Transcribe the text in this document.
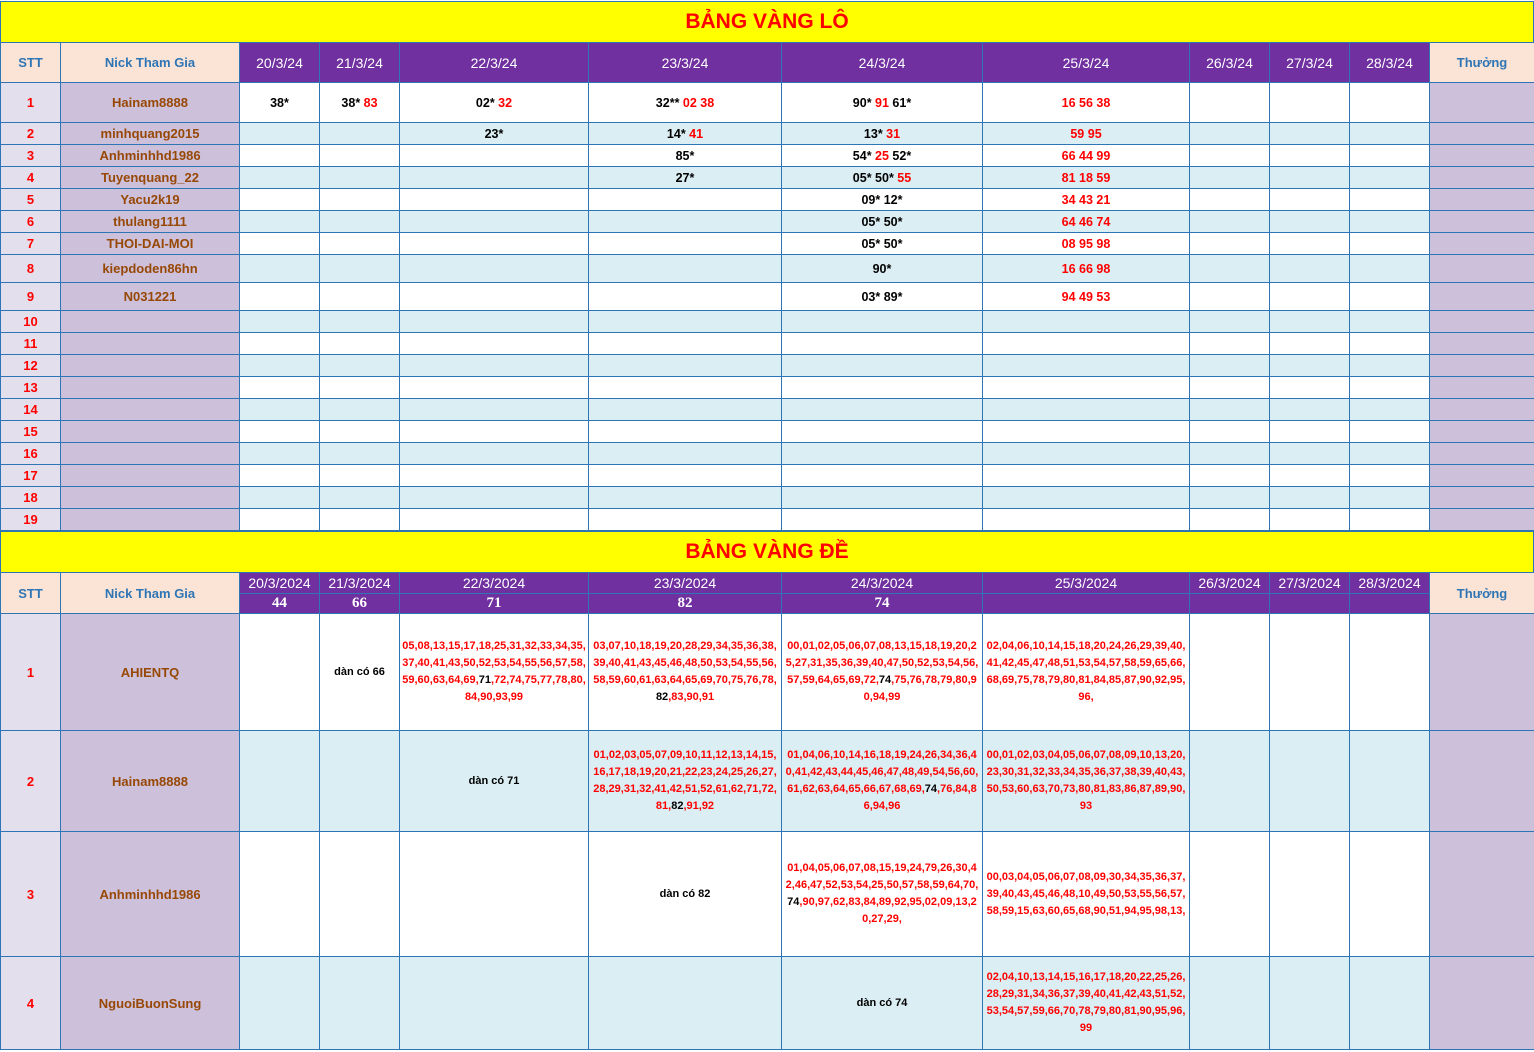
BẢNG VÀNG LÔ
STT	Nick Tham Gia	20/3/24	21/3/24	22/3/24	23/3/24	24/3/24	25/3/24	26/3/24	27/3/24	28/3/24	Thưởng
1	Hainam8888	38*	38* 83	02* 32	32** 02 38	90* 91 61*	16 56 38				
2	minhquang2015			23*	14* 41	13* 31	59 95				
3	Anhminhhd1986				85*	54* 25 52*	66 44 99				
4	Tuyenquang_22				27*	05* 50* 55	81 18 59				
5	Yacu2k19					09* 12*	34 43 21				
6	thulang1111					05* 50*	64 46 74				
7	THOI-DAI-MOI					05* 50*	08 95 98				
8	kiepdoden86hn					90*	16 66 98				
9	N031221					03* 89*	94 49 53				
10											
11											
12											
13											
14											
15											
16											
17											
18											
19											
BẢNG VÀNG ĐỀ
STT	Nick Tham Gia	20/3/2024	21/3/2024	22/3/2024	23/3/2024	24/3/2024	25/3/2024	26/3/2024	27/3/2024	28/3/2024	Thưởng
		44	66	71	82	74					
1	AHIENTQ		dàn có 66	05,08,13,15,17,18,25,31,32,33,34,35,37,40,41,43,50,52,53,54,55,56,57,58,59,60,63,64,69,71,72,74,75,77,78,80,84,90,93,99	03,07,10,18,19,20,28,29,34,35,36,38,39,40,41,43,45,46,48,50,53,54,55,56,58,59,60,61,63,64,65,69,70,75,76,78,82,83,90,91	00,01,02,05,06,07,08,13,15,18,19,20,25,27,31,35,36,39,40,47,50,52,53,54,56,57,59,64,65,69,72,74,75,76,78,79,80,90,94,99	02,04,06,10,14,15,18,20,24,26,29,39,40,41,42,45,47,48,51,53,54,57,58,59,65,66,68,69,75,78,79,80,81,84,85,87,90,92,95,96,				
2	Hainam8888			dàn có 71	01,02,03,05,07,09,10,11,12,13,14,15,16,17,18,19,20,21,22,23,24,25,26,27,28,29,31,32,41,42,51,52,61,62,71,72,81,82,91,92	01,04,06,10,14,16,18,19,24,26,34,36,40,41,42,43,44,45,46,47,48,49,54,56,60,61,62,63,64,65,66,67,68,69,74,76,84,86,94,96	00,01,02,03,04,05,06,07,08,09,10,13,20,23,30,31,32,33,34,35,36,37,38,39,40,43,50,53,60,63,70,73,80,81,83,86,87,89,90,93				
3	Anhminhhd1986				dàn có 82	01,04,05,06,07,08,15,19,24,79,26,30,42,46,47,52,53,54,25,50,57,58,59,64,70,74,90,97,62,83,84,89,92,95,02,09,13,20,27,29,	00,03,04,05,06,07,08,09,30,34,35,36,37,39,40,43,45,46,48,10,49,50,53,55,56,57,58,59,15,63,60,65,68,90,51,94,95,98,13,				
4	NguoiBuonSung					dàn có 74	02,04,10,13,14,15,16,17,18,20,22,25,26,28,29,31,34,36,37,39,40,41,42,43,51,52,53,54,57,59,66,70,78,79,80,81,90,95,96,99				
